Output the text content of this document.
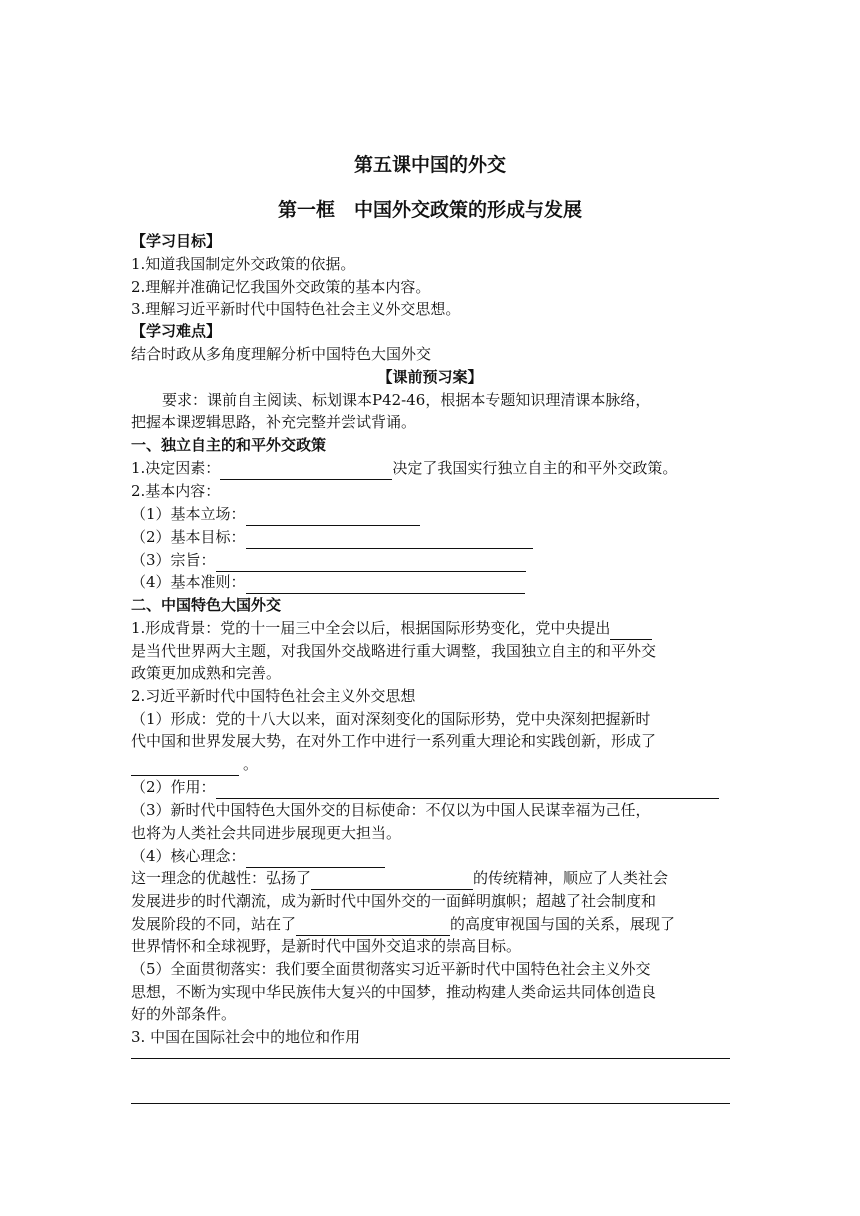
第五课中国的外交
第一框　中国外交政策的形成与发展
【学习目标】
1.知道我国制定外交政策的依据。
2.理解并准确记忆我国外交政策的基本内容。
3.理解习近平新时代中国特色社会主义外交思想。
【学习难点】
结合时政从多角度理解分析中国特色大国外交
【课前预习案】
要求：课前自主阅读、标划课本P42-46，根据本专题知识理清课本脉络，
把握本课逻辑思路，补充完整并尝试背诵。
一、独立自主的和平外交政策
1.决定因素：	决定了我国实行独立自主的和平外交政策。
2.基本内容：
（1）基本立场：
（2）基本目标：
（3）宗旨：
（4）基本准则：
二、中国特色大国外交
1.形成背景：党的十一届三中全会以后，根据国际形势变化，党中央提出
是当代世界两大主题，对我国外交战略进行重大调整，我国独立自主的和平外交
政策更加成熟和完善。
2.习近平新时代中国特色社会主义外交思想
（1）形成：党的十八大以来，面对深刻变化的国际形势，党中央深刻把握新时
代中国和世界发展大势，在对外工作中进行一系列重大理论和实践创新，形成了
。
（2）作用：
（3）新时代中国特色大国外交的目标使命：不仅以为中国人民谋幸福为己任，
也将为人类社会共同进步展现更大担当。
（4）核心理念：
这一理念的优越性：弘扬了	的传统精神，顺应了人类社会
发展进步的时代潮流，成为新时代中国外交的一面鲜明旗帜；超越了社会制度和
发展阶段的不同，站在了	的高度审视国与国的关系，展现了
世界情怀和全球视野，是新时代中国外交追求的崇高目标。
（5）全面贯彻落实：我们要全面贯彻落实习近平新时代中国特色社会主义外交
思想，不断为实现中华民族伟大复兴的中国梦，推动构建人类命运共同体创造良
好的外部条件。
3. 中国在国际社会中的地位和作用
